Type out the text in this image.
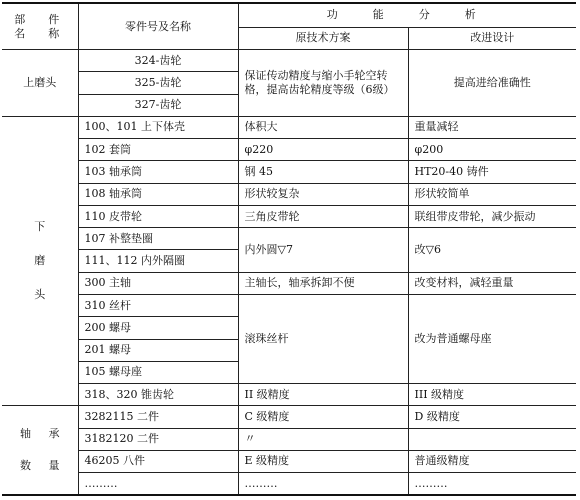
部　件
名　称	零件号及名称	功　能　分　析	
		原技术方案	改进设计
上磨头	324-齿轮	保证传动精度与缩小手轮空转格，提高齿轮精度等级（6级）	提高进给准确性
	325-齿轮		
	327-齿轮		

下
磨
头	100、101 上下体壳	体积大	重量减轻
	102 套筒	φ220	φ200
	103 轴承筒	钢 45	HT20-40 铸件
	108 轴承筒	形状较复杂	形状较简单
	110 皮带轮	三角皮带轮	联组带皮带轮，减少振动
	107 补整垫圈	内外圆▽7	改▽6
	111、112 内外隔圈		
	300 主轴	主轴长，轴承拆卸不便	改变材料，减轻重量
	310 丝杆	滚珠丝杆	改为普通螺母座
	200 螺母		
	201 螺母		
	105 螺母座		
	318、320 锥齿轮	II 级精度	III 级精度

轴 承
数 量	3282115 二件	C 级精度	D 级精度
	3182120 二件	〃	
	46205 八件	E 级精度	普通级精度
	………	………	………
